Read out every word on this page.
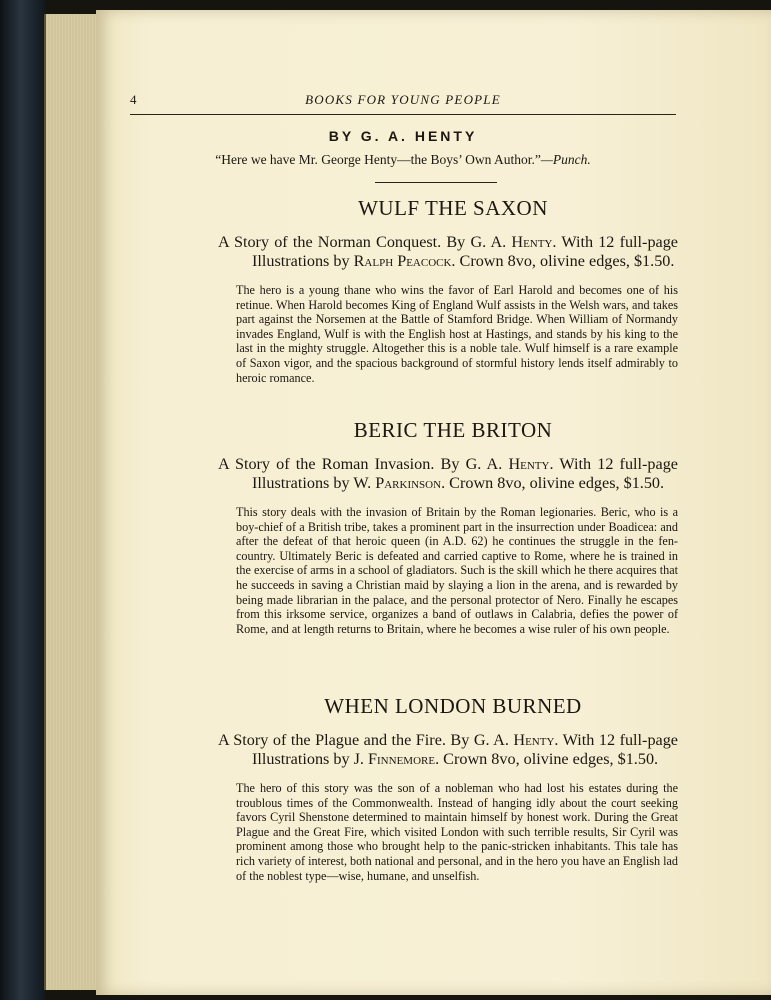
4	BOOKS FOR YOUNG PEOPLE
BY G. A. HENTY
“Here we have Mr. George Henty—the Boys’ Own Author.”—Punch.
WULF THE SAXON

A Story of the Norman Conquest. By G. A. Henty. With 12 full-page Illustrations by Ralph Peacock. Crown 8vo, olivine edges, $1.50.

The hero is a young thane who wins the favor of Earl Harold and becomes one of his retinue. When Harold becomes King of England Wulf assists in the Welsh wars, and takes part against the Norsemen at the Battle of Stamford Bridge. When William of Normandy invades England, Wulf is with the English host at Hastings, and stands by his king to the last in the mighty struggle. Altogether this is a noble tale. Wulf himself is a rare example of Saxon vigor, and the spacious background of stormful history lends itself admirably to heroic romance.

BERIC THE BRITON

A Story of the Roman Invasion. By G. A. Henty. With 12 full-page Illustrations by W. Parkinson. Crown 8vo, olivine edges, $1.50.

This story deals with the invasion of Britain by the Roman legionaries. Beric, who is a boy-chief of a British tribe, takes a prominent part in the insurrection under Boadicea: and after the defeat of that heroic queen (in A.D. 62) he continues the struggle in the fen-country. Ultimately Beric is defeated and carried captive to Rome, where he is trained in the exercise of arms in a school of gladiators. Such is the skill which he there acquires that he succeeds in saving a Christian maid by slaying a lion in the arena, and is rewarded by being made librarian in the palace, and the personal protector of Nero. Finally he escapes from this irksome service, organizes a band of outlaws in Calabria, defies the power of Rome, and at length returns to Britain, where he becomes a wise ruler of his own people.

WHEN LONDON BURNED

A Story of the Plague and the Fire. By G. A. Henty. With 12 full-page Illustrations by J. Finnemore. Crown 8vo, olivine edges, $1.50.

The hero of this story was the son of a nobleman who had lost his estates during the troublous times of the Commonwealth. Instead of hanging idly about the court seeking favors Cyril Shenstone determined to maintain himself by honest work. During the Great Plague and the Great Fire, which visited London with such terrible results, Sir Cyril was prominent among those who brought help to the panic-stricken inhabitants. This tale has rich variety of interest, both national and personal, and in the hero you have an English lad of the noblest type—wise, humane, and unselfish.
